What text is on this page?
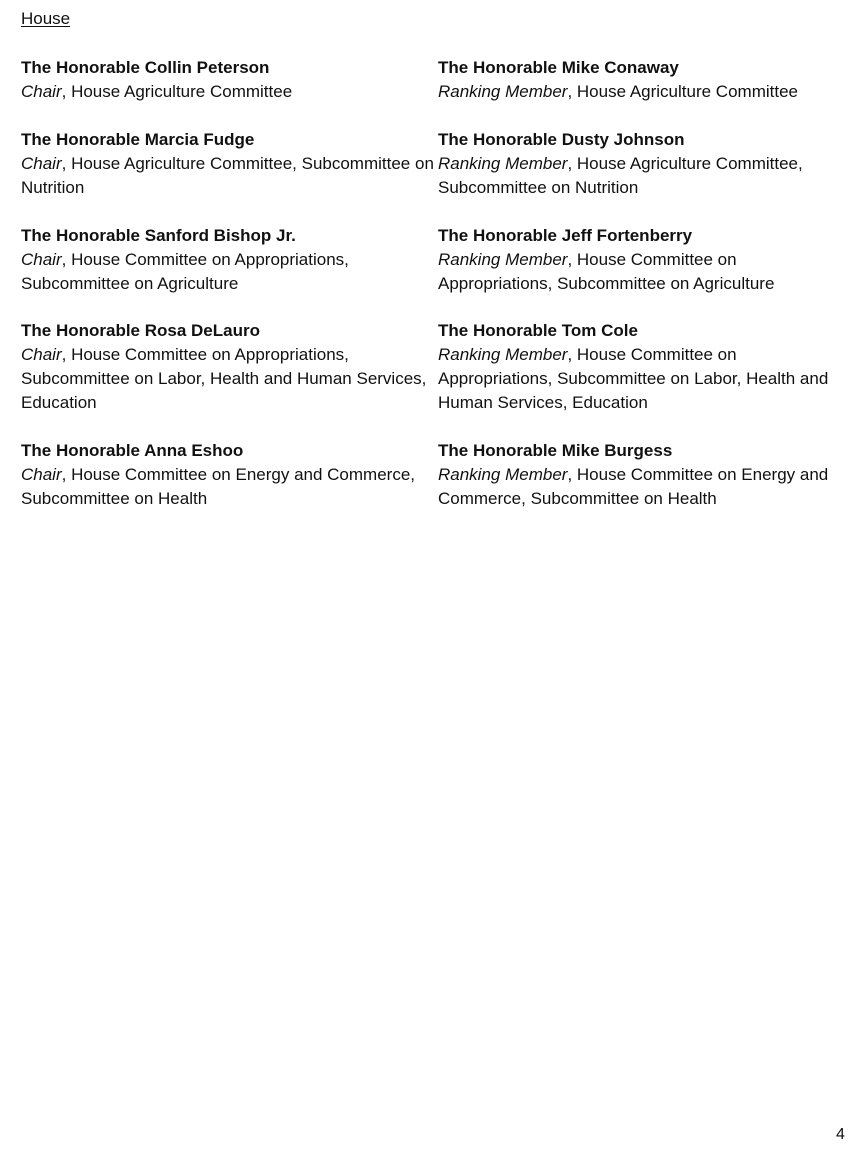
House
The Honorable Collin Peterson
Chair, House Agriculture Committee
The Honorable Mike Conaway
Ranking Member, House Agriculture Committee
The Honorable Marcia Fudge
Chair, House Agriculture Committee, Subcommittee on Nutrition
The Honorable Dusty Johnson
Ranking Member, House Agriculture Committee, Subcommittee on Nutrition
The Honorable Sanford Bishop Jr.
Chair, House Committee on Appropriations, Subcommittee on Agriculture
The Honorable Jeff Fortenberry
Ranking Member, House Committee on Appropriations, Subcommittee on Agriculture
The Honorable Rosa DeLauro
Chair, House Committee on Appropriations, Subcommittee on Labor, Health and Human Services, Education
The Honorable Tom Cole
Ranking Member, House Committee on Appropriations, Subcommittee on Labor, Health and Human Services, Education
The Honorable Anna Eshoo
Chair, House Committee on Energy and Commerce, Subcommittee on Health
The Honorable Mike Burgess
Ranking Member, House Committee on Energy and Commerce, Subcommittee on Health
4
